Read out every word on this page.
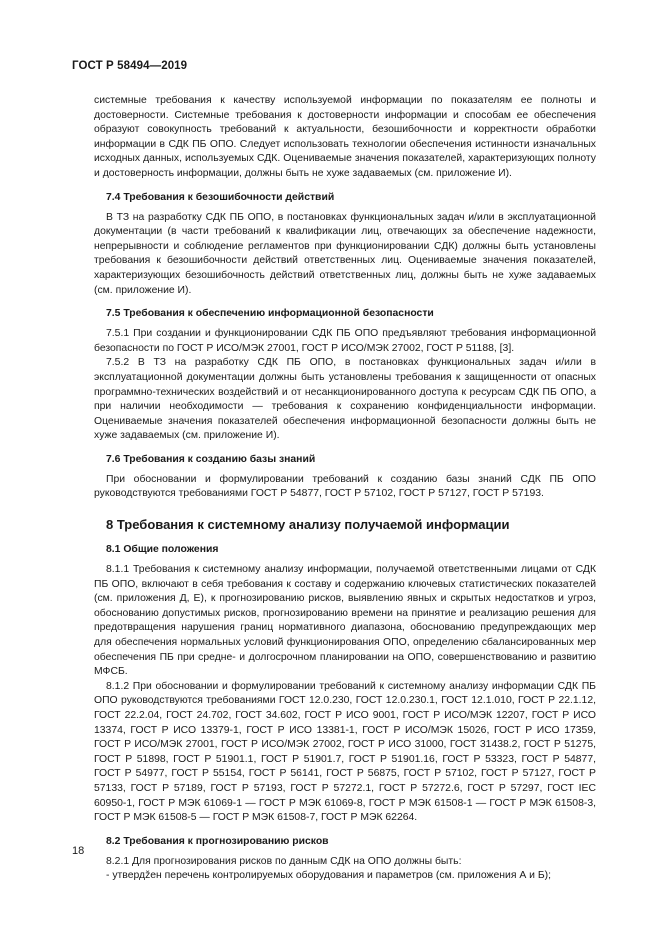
ГОСТ Р 58494—2019

системные требования к качеству используемой информации по показателям ее полноты и достоверности. Системные требования к достоверности информации и способам ее обеспечения образуют совокупность требований к актуальности, безошибочности и корректности обработки информации в СДК ПБ ОПО. Следует использовать технологии обеспечения истинности изначальных исходных данных, используемых СДК. Оцениваемые значения показателей, характеризующих полноту и достоверность информации, должны быть не хуже задаваемых (см. приложение И).

7.4 Требования к безошибочности действий

В ТЗ на разработку СДК ПБ ОПО, в постановках функциональных задач и/или в эксплуатационной документации (в части требований к квалификации лиц, отвечающих за обеспечение надежности, непрерывности и соблюдение регламентов при функционировании СДК) должны быть установлены требования к безошибочности действий ответственных лиц. Оцениваемые значения показателей, характеризующих безошибочность действий ответственных лиц, должны быть не хуже задаваемых (см. приложение И).

7.5 Требования к обеспечению информационной безопасности

7.5.1 При создании и функционировании СДК ПБ ОПО предъявляют требования информационной безопасности по ГОСТ Р ИСО/МЭК 27001, ГОСТ Р ИСО/МЭК 27002, ГОСТ Р 51188, [3].

7.5.2 В ТЗ на разработку СДК ПБ ОПО, в постановках функциональных задач и/или в эксплуатационной документации должны быть установлены требования к защищенности от опасных программно-технических воздействий и от несанкционированного доступа к ресурсам СДК ПБ ОПО, а при наличии необходимости — требования к сохранению конфиденциальности информации. Оцениваемые значения показателей обеспечения информационной безопасности должны быть не хуже задаваемых (см. приложение И).

7.6 Требования к созданию базы знаний

При обосновании и формулировании требований к созданию базы знаний СДК ПБ ОПО руководствуются требованиями ГОСТ Р 54877, ГОСТ Р 57102, ГОСТ Р 57127, ГОСТ Р 57193.

8 Требования к системному анализу получаемой информации
8.1 Общие положения

8.1.1 Требования к системному анализу информации, получаемой ответственными лицами от СДК ПБ ОПО, включают в себя требования к составу и содержанию ключевых статистических показателей (см. приложения Д, Е), к прогнозированию рисков, выявлению явных и скрытых недостатков и угроз, обоснованию допустимых рисков, прогнозированию времени на принятие и реализацию решения для предотвращения нарушения границ нормативного диапазона, обоснованию предупреждающих мер для обеспечения нормальных условий функционирования ОПО, определению сбалансированных мер обеспечения ПБ при средне- и долгосрочном планировании на ОПО, совершенствованию и развитию МФСБ.

8.1.2 При обосновании и формулировании требований к системному анализу информации СДК ПБ ОПО руководствуются требованиями ГОСТ 12.0.230, ГОСТ 12.0.230.1, ГОСТ 12.1.010, ГОСТ Р 22.1.12, ГОСТ 22.2.04, ГОСТ 24.702, ГОСТ 34.602, ГОСТ Р ИСО 9001, ГОСТ Р ИСО/МЭК 12207, ГОСТ Р ИСО 13374, ГОСТ Р ИСО 13379-1, ГОСТ Р ИСО 13381-1, ГОСТ Р ИСО/МЭК 15026, ГОСТ Р ИСО 17359, ГОСТ Р ИСО/МЭК 27001, ГОСТ Р ИСО/МЭК 27002, ГОСТ Р ИСО 31000, ГОСТ 31438.2, ГОСТ Р 51275, ГОСТ Р 51898, ГОСТ Р 51901.1, ГОСТ Р 51901.7, ГОСТ Р 51901.16, ГОСТ Р 53323, ГОСТ Р 54877, ГОСТ Р 54977, ГОСТ Р 55154, ГОСТ Р 56141, ГОСТ Р 56875, ГОСТ Р 57102, ГОСТ Р 57127, ГОСТ Р 57133, ГОСТ Р 57189, ГОСТ Р 57193, ГОСТ Р 57272.1, ГОСТ Р 57272.6, ГОСТ Р 57297, ГОСТ IEC 60950-1, ГОСТ Р МЭК 61069-1 — ГОСТ Р МЭК 61069-8, ГОСТ Р МЭК 61508-1 — ГОСТ Р МЭК 61508-3, ГОСТ Р МЭК 61508-5 — ГОСТ Р МЭК 61508-7, ГОСТ Р МЭК 62264.

8.2 Требования к прогнозированию рисков

8.2.1 Для прогнозирования рисков по данным СДК на ОПО должны быть:

- утвердžен перечень контролируемых оборудования и параметров (см. приложения А и Б);

18
